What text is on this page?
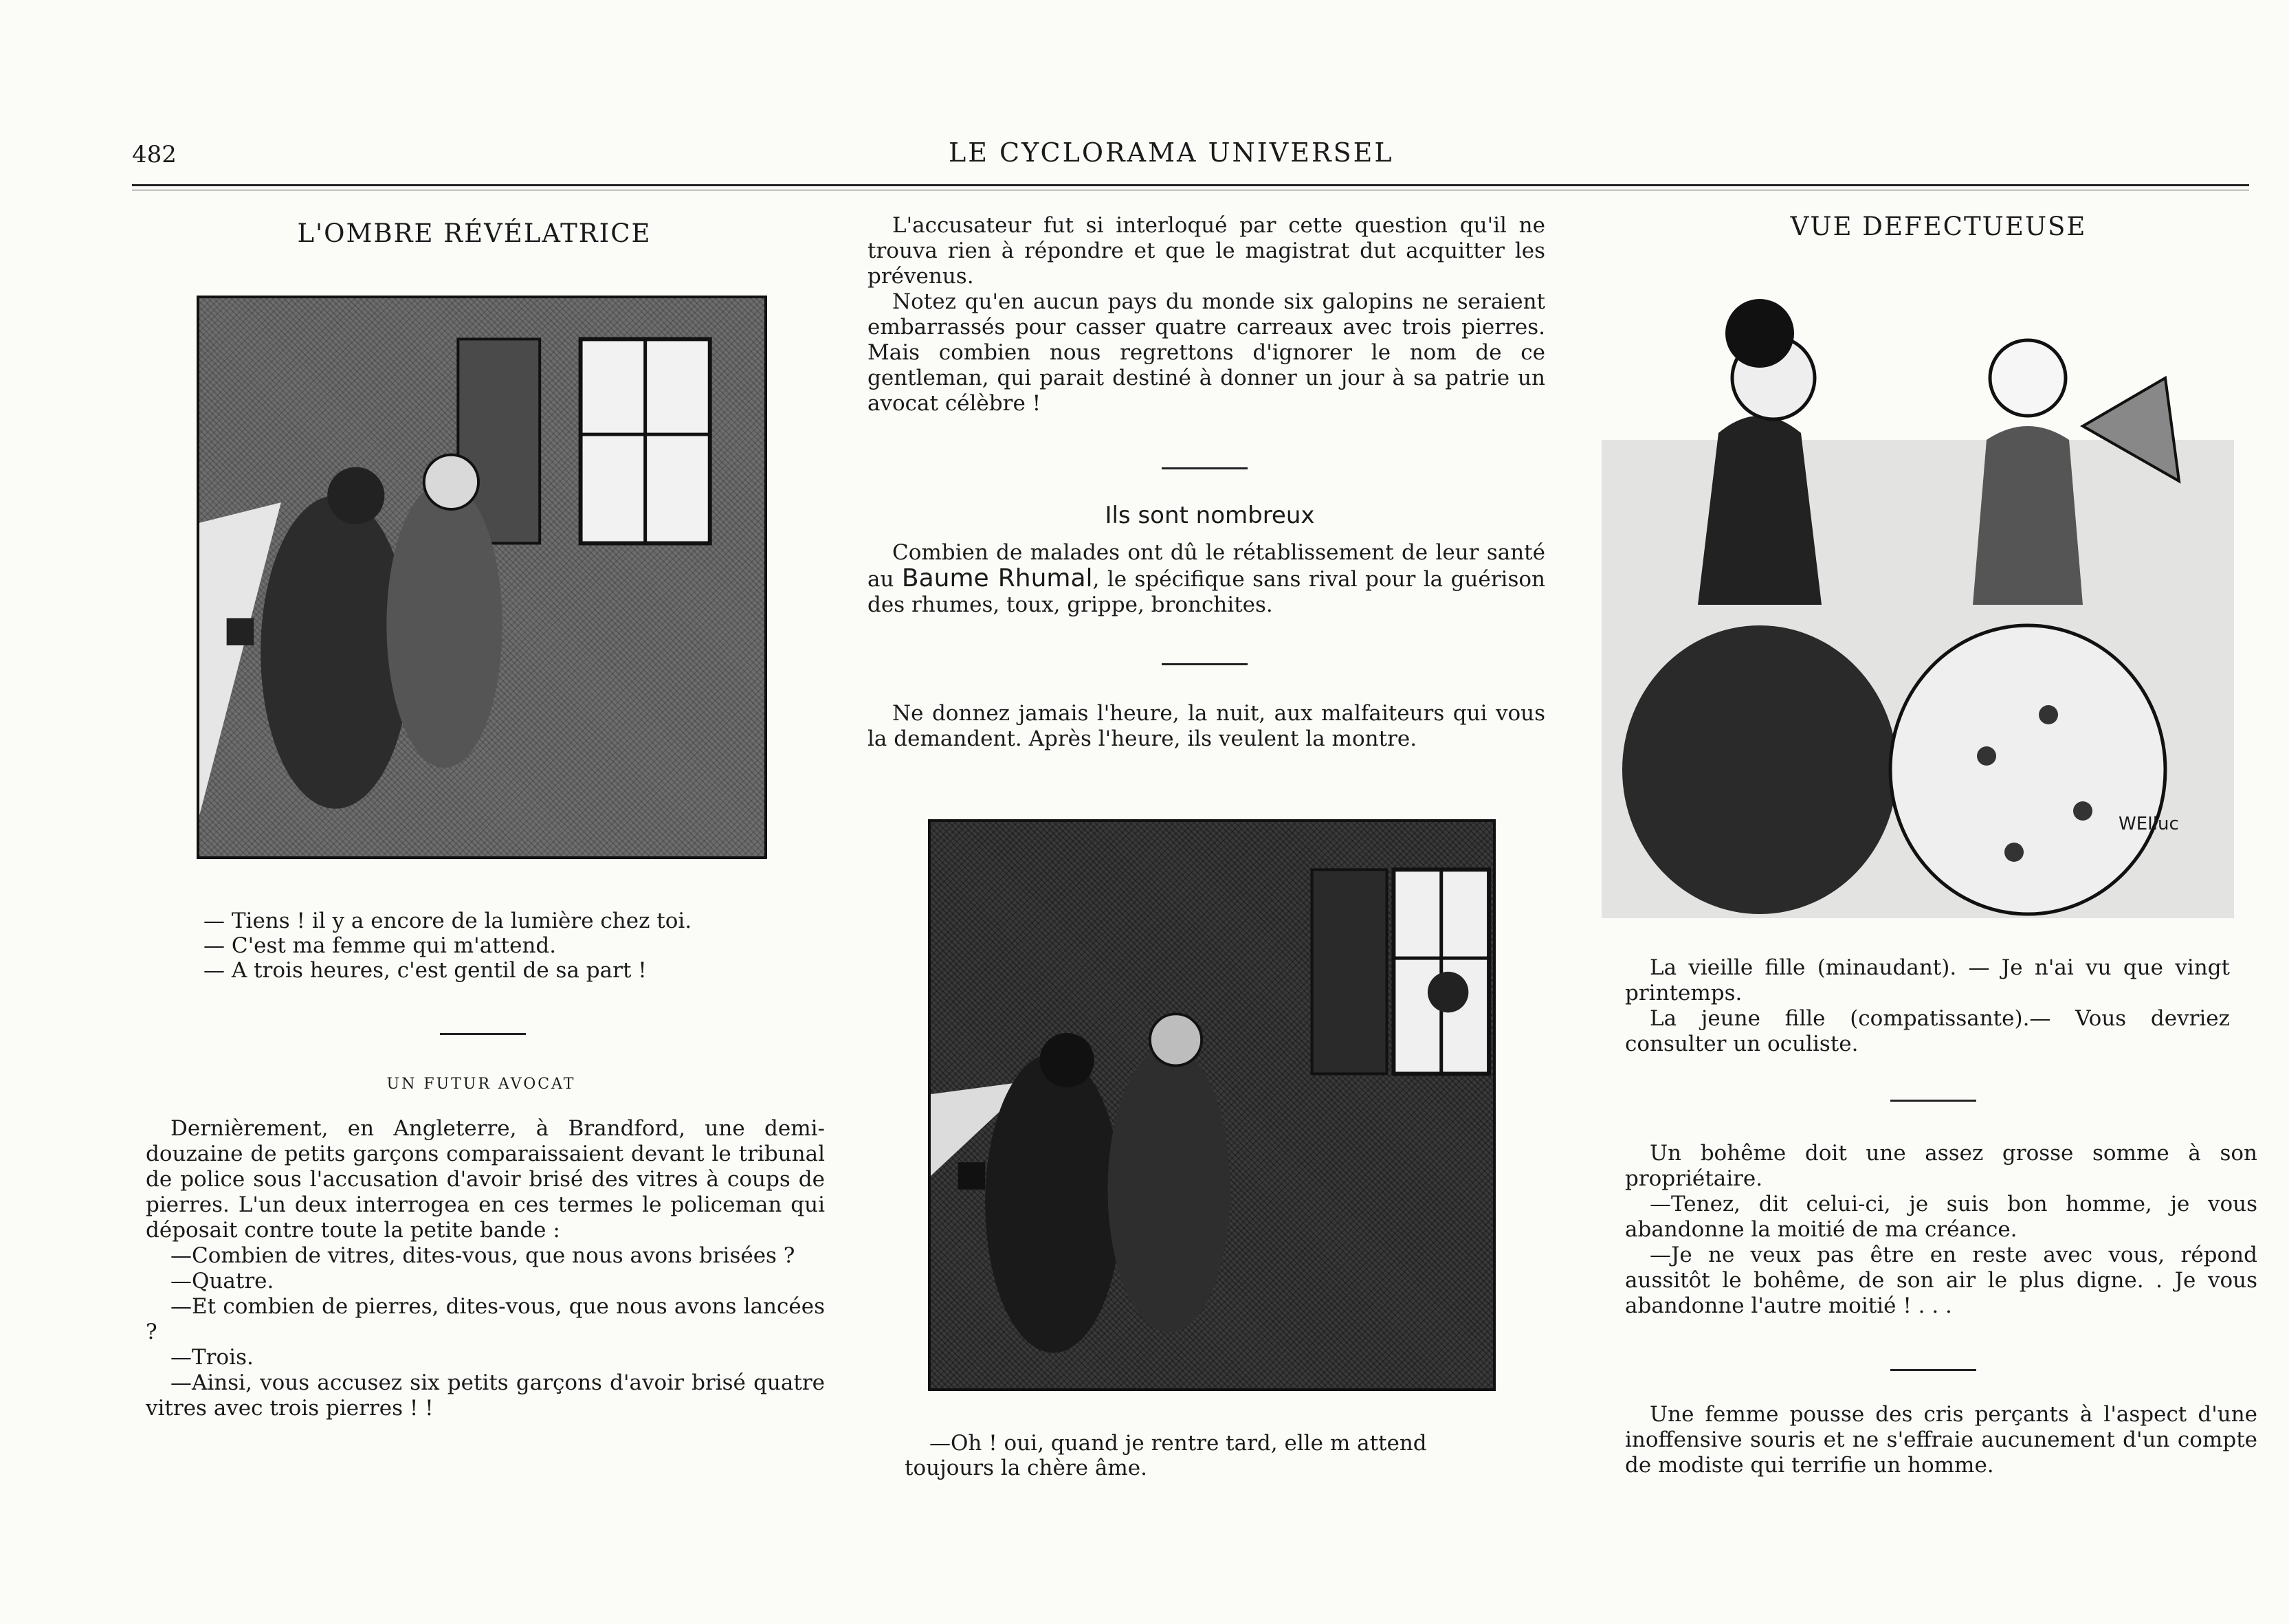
482	LE CYCLORAMA UNIVERSEL
L'OMBRE RÉVÉLATRICE

— Tiens ! il y a encore de la lumière chez toi.

— C'est ma femme qui m'attend.

— A trois heures, c'est gentil de sa part !

UN FUTUR AVOCAT

Dernièrement, en Angleterre, à Brandford, une demi-douzaine de petits garçons comparaissaient devant le tribunal de police sous l'accusation d'avoir brisé des vitres à coups de pierres. L'un deux interrogea en ces termes le policeman qui déposait contre toute la petite bande :

—Combien de vitres, dites-vous, que nous avons brisées ?

—Quatre.

—Et combien de pierres, dites-vous, que nous avons lancées ?

—Trois.

—Ainsi, vous accusez six petits garçons d'avoir brisé quatre vitres avec trois pierres ! !

L'accusateur fut si interloqué par cette question qu'il ne trouva rien à répondre et que le magistrat dut acquitter les prévenus.

Notez qu'en aucun pays du monde six galopins ne seraient embarrassés pour casser quatre carreaux avec trois pierres. Mais combien nous regrettons d'ignorer le nom de ce gentleman, qui parait destiné à donner un jour à sa patrie un avocat célèbre !

Ils sont nombreux

Combien de malades ont dû le rétablissement de leur santé au Baume Rhumal, le spécifique sans rival pour la guérison des rhumes, toux, grippe, bronchites.

Ne donnez jamais l'heure, la nuit, aux malfaiteurs qui vous la demandent. Après l'heure, ils veulent la montre.

—Oh ! oui, quand je rentre tard, elle m attend

toujours la chère âme.

VUE DEFECTUEUSE
WEIluc

La vieille fille (minaudant). — Je n'ai vu que vingt printemps.

La jeune fille (compatissante).— Vous devriez consulter un oculiste.

Un bohême doit une assez grosse somme à son propriétaire.

—Tenez, dit celui-ci, je suis bon homme, je vous abandonne la moitié de ma créance.

—Je ne veux pas être en reste avec vous, répond aussitôt le bohême, de son air le plus digne. . Je vous abandonne l'autre moitié ! . . .

Une femme pousse des cris perçants à l'aspect d'une inoffensive souris et ne s'effraie aucunement d'un compte de modiste qui terrifie un homme.
